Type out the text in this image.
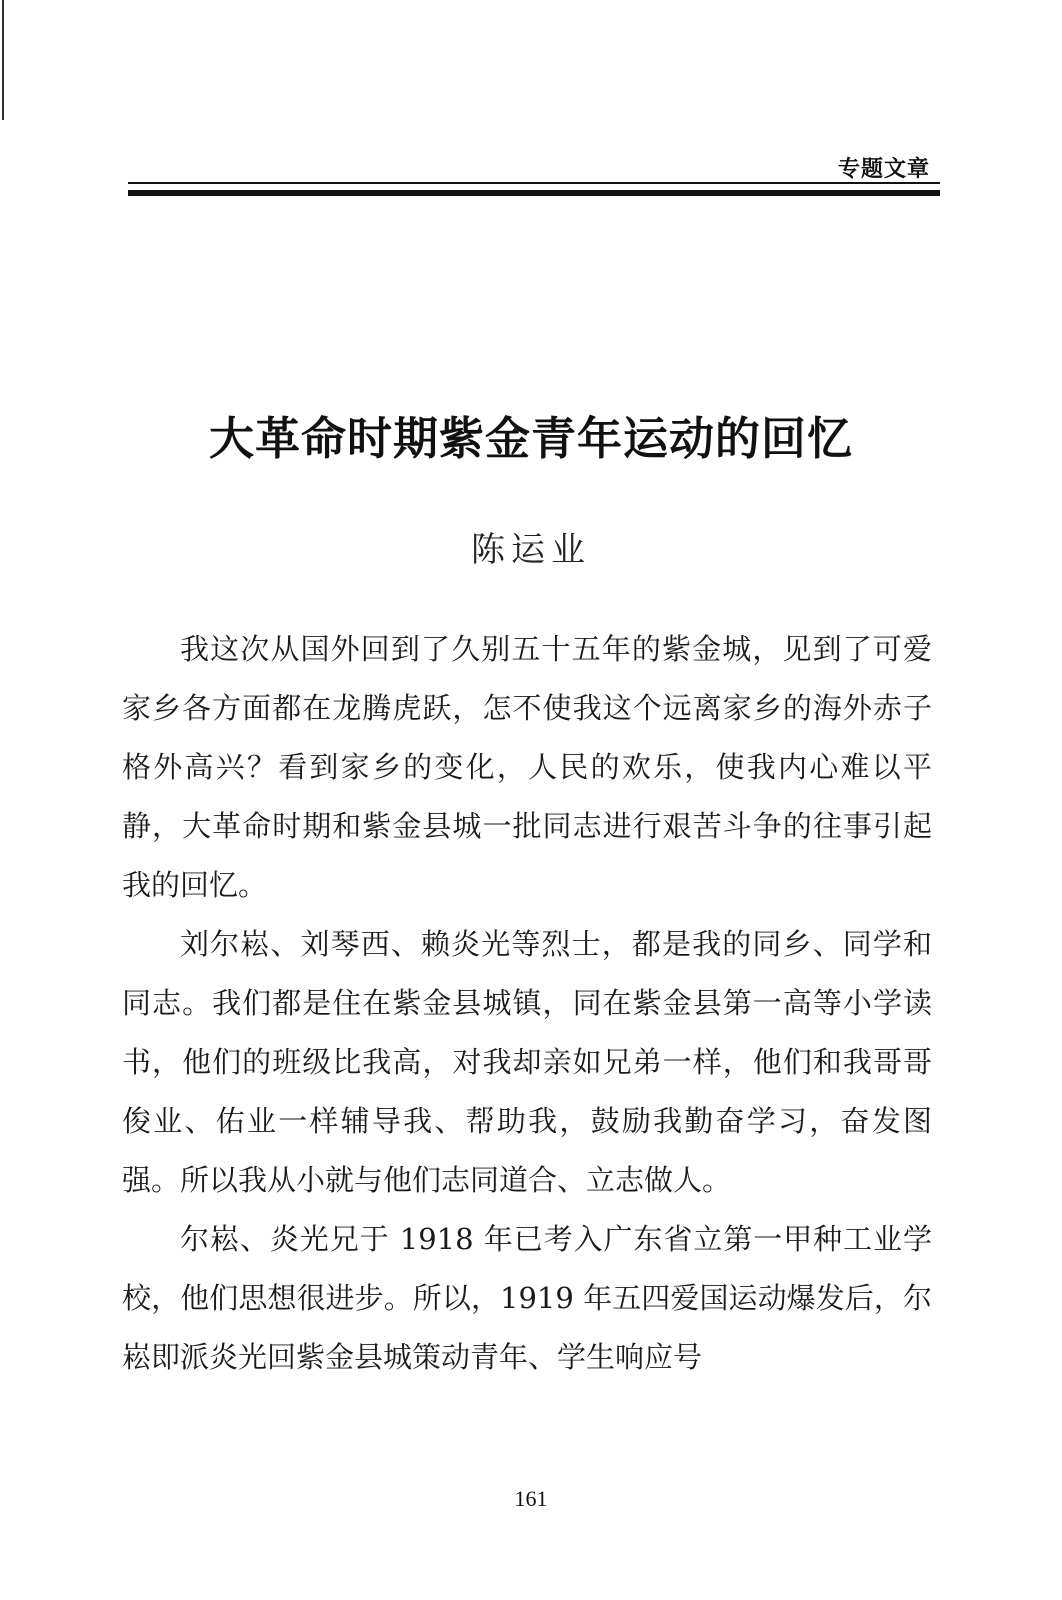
专题文章
大革命时期紫金青年运动的回忆
陈运业

我这次从国外回到了久别五十五年的紫金城，见到了可爱家乡各方面都在龙腾虎跃，怎不使我这个远离家乡的海外赤子格外高兴？看到家乡的变化，人民的欢乐，使我内心难以平静，大革命时期和紫金县城一批同志进行艰苦斗争的往事引起我的回忆。

刘尔崧、刘琴西、赖炎光等烈士，都是我的同乡、同学和同志。我们都是住在紫金县城镇，同在紫金县第一高等小学读书，他们的班级比我高，对我却亲如兄弟一样，他们和我哥哥俊业、佑业一样辅导我、帮助我，鼓励我勤奋学习，奋发图强。所以我从小就与他们志同道合、立志做人。

尔崧、炎光兄于 1918 年已考入广东省立第一甲种工业学校，他们思想很进步。所以，1919 年五四爱国运动爆发后，尔崧即派炎光回紫金县城策动青年、学生响应号

161
